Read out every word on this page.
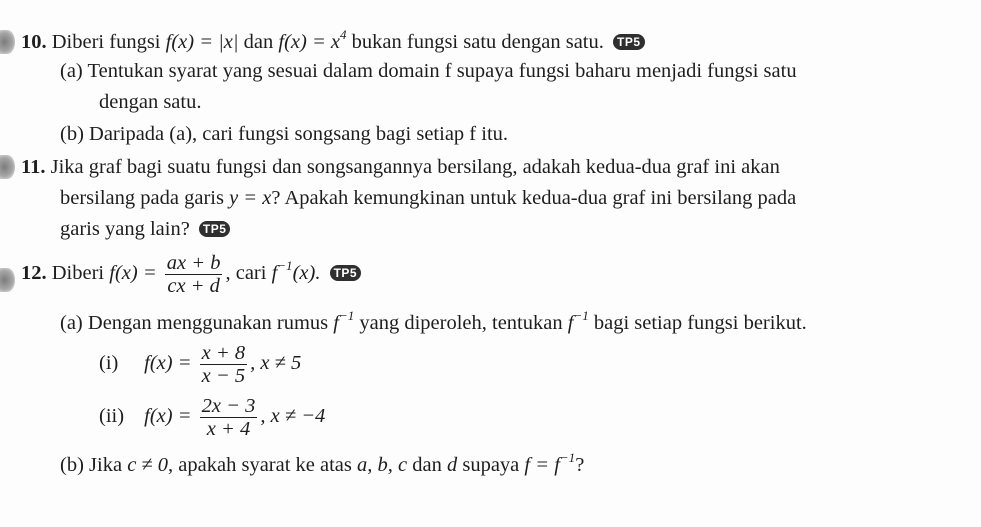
10. Diberi fungsi f(x) = |x| dan $f(x) = x^4$ bukan fungsi satu dengan satu. TP5
(a) Tentukan syarat yang sesuai dalam domain f supaya fungsi baharu menjadi fungsi satu
dengan satu.
(b) Daripada (a), cari fungsi songsang bagi setiap f itu.
11. Jika graf bagi suatu fungsi dan songsangannya bersilang, adakah kedua-dua graf ini akan
bersilang pada garis y = x? Apakah kemungkinan untuk kedua-dua graf ini bersilang pada
garis yang lain? TP5
12. Diberi $f(x) = \frac{ax + b}{cx + d}$ , cari $f^{-1}(x)$. TP5
(a) Dengan menggunakan rumus $f^{-1}$ yang diperoleh, tentukan $f^{-1}$ bagi setiap fungsi berikut.
(i) $f(x) = \frac{x + 8}{x - 5}$ , x ≠ 5
(ii) $f(x) = \frac{2x - 3}{x + 4}$ , x ≠ −4
(b) Jika c ≠ 0, apakah syarat ke atas a, b, c dan d supaya $f = f^{-1}$?
